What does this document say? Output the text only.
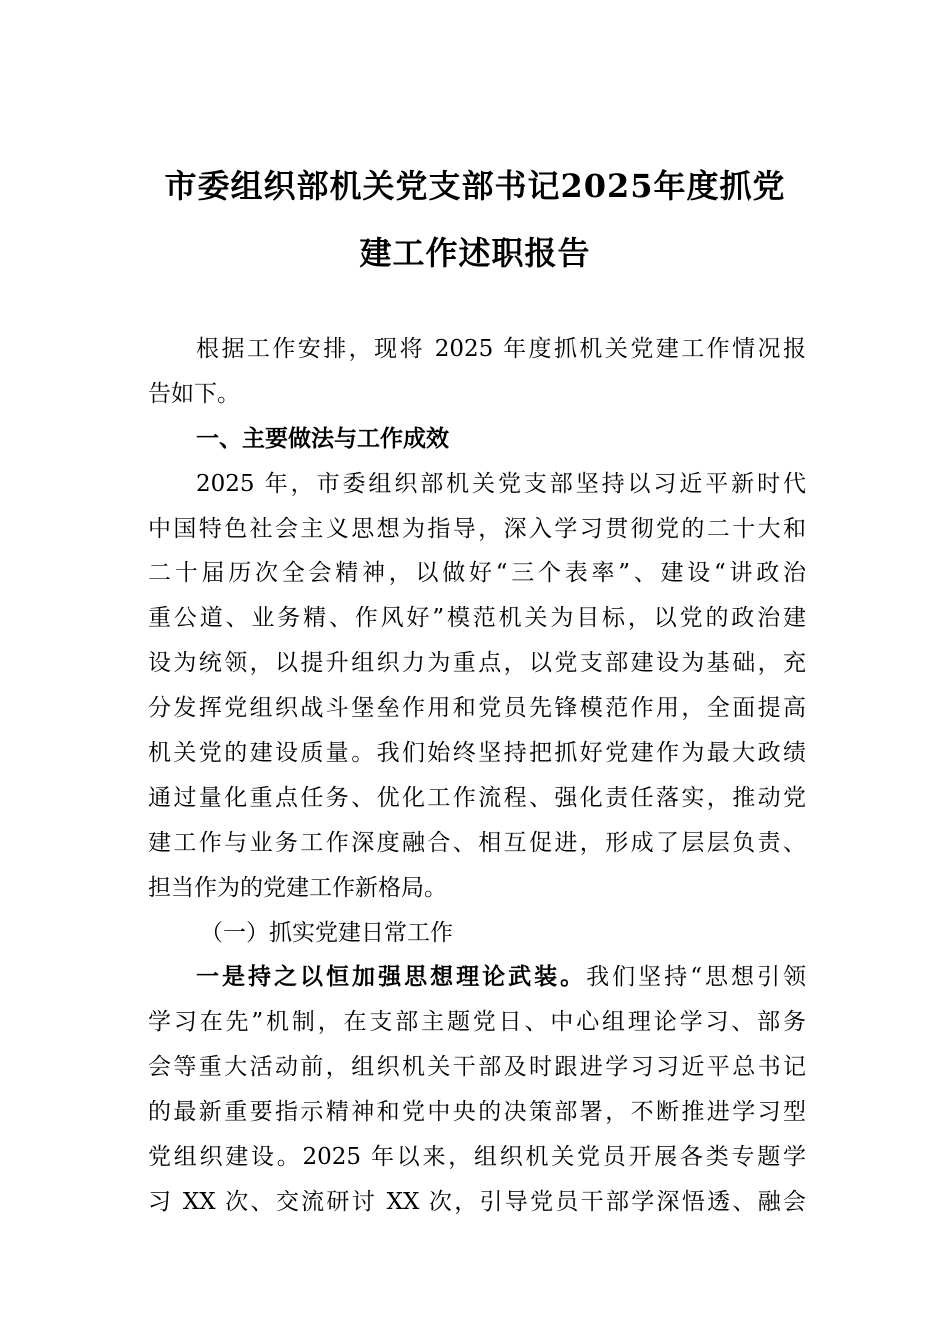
市委组织部机关党支部书记2025年度抓党
建工作述职报告
根据工作安排，现将 2025 年度抓机关党建工作情况报
告如下。
一、主要做法与工作成效
2025 年，市委组织部机关党支部坚持以习近平新时代
中国特色社会主义思想为指导，深入学习贯彻党的二十大和
二十届历次全会精神，以做好“三个表率”、建设“讲政治
重公道、业务精、作风好”模范机关为目标，以党的政治建
设为统领，以提升组织力为重点，以党支部建设为基础，充
分发挥党组织战斗堡垒作用和党员先锋模范作用，全面提高
机关党的建设质量。我们始终坚持把抓好党建作为最大政绩
通过量化重点任务、优化工作流程、强化责任落实，推动党
建工作与业务工作深度融合、相互促进，形成了层层负责、
担当作为的党建工作新格局。
（一）抓实党建日常工作
一是持之以恒加强思想理论武装。我们坚持“思想引领
学习在先”机制，在支部主题党日、中心组理论学习、部务
会等重大活动前，组织机关干部及时跟进学习习近平总书记
的最新重要指示精神和党中央的决策部署，不断推进学习型
党组织建设。2025 年以来，组织机关党员开展各类专题学
习 XX 次、交流研讨 XX 次，引导党员干部学深悟透、融会
